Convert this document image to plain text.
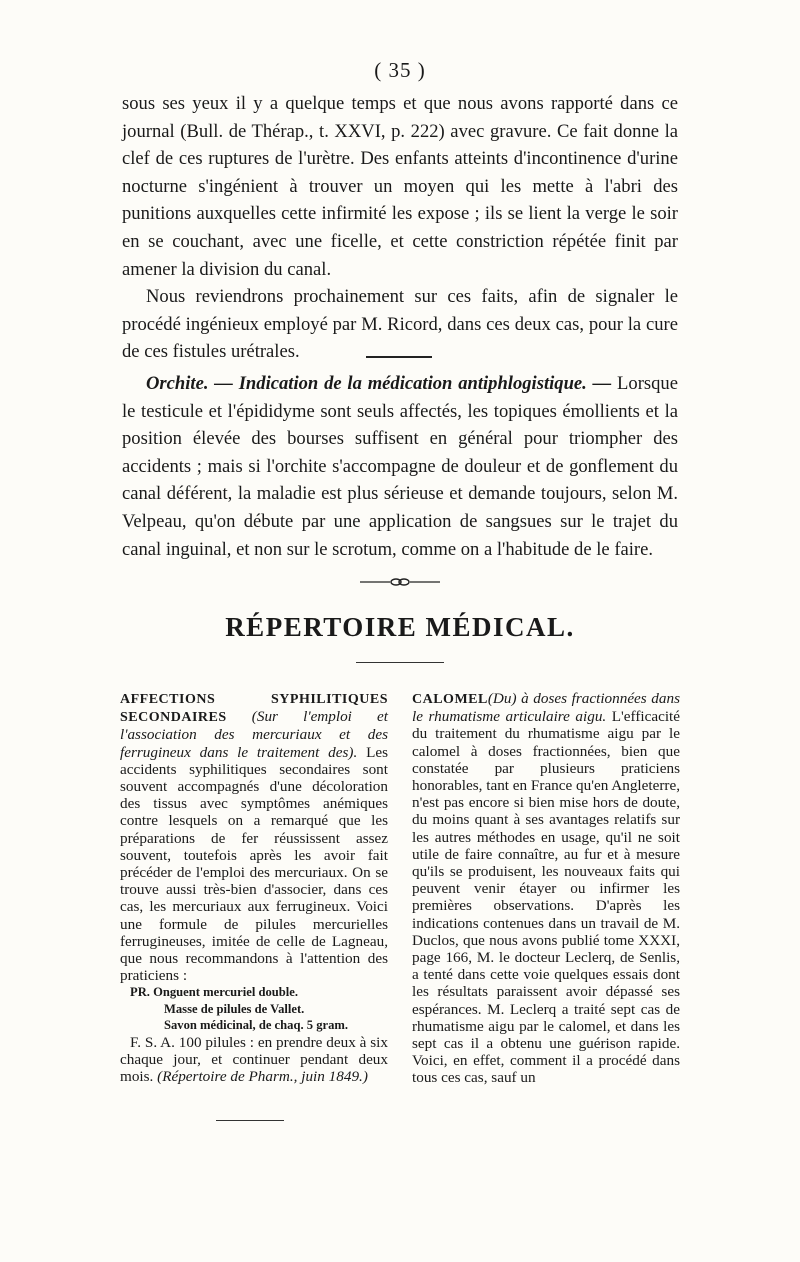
( 35 )

sous ses yeux il y a quelque temps et que nous avons rapporté dans ce journal (Bull. de Thérap., t. XXVI, p. 222) avec gravure. Ce fait donne la clef de ces ruptures de l'urètre. Des enfants atteints d'incontinence d'urine nocturne s'ingénient à trouver un moyen qui les mette à l'abri des punitions auxquelles cette infirmité les expose ; ils se lient la verge le soir en se couchant, avec une ficelle, et cette constriction répétée finit par amener la division du canal.

Nous reviendrons prochainement sur ces faits, afin de signaler le procédé ingénieux employé par M. Ricord, dans ces deux cas, pour la cure de ces fistules urétrales.

Orchite. — Indication de la médication antiphlogistique. — Lorsque le testicule et l'épididyme sont seuls affectés, les topiques émollients et la position élevée des bourses suffisent en général pour triompher des accidents ; mais si l'orchite s'accompagne de douleur et de gonflement du canal déférent, la maladie est plus sérieuse et demande toujours, selon M. Velpeau, qu'on débute par une application de sangsues sur le trajet du canal inguinal, et non sur le scrotum, comme on a l'habitude de le faire.

RÉPERTOIRE MÉDICAL.

AFFECTIONS SYPHILITIQUES SECONDAIRES (Sur l'emploi et l'association des mercuriaux et des ferrugineux dans le traitement des). Les accidents syphilitiques secondaires sont souvent accompagnés d'une décoloration des tissus avec symptômes anémiques contre lesquels on a remarqué que les préparations de fer réussissent assez souvent, toutefois après les avoir fait précéder de l'emploi des mercuriaux. On se trouve aussi très-bien d'associer, dans ces cas, les mercuriaux aux ferrugineux. Voici une formule de pilules mercurielles ferrugineuses, imitée de celle de Lagneau, que nous recommandons à l'attention des praticiens :

PR. Onguent mercuriel double.
Masse de pilules de Vallet.
Savon médicinal, de chaq. 5 gram.

F. S. A. 100 pilules : en prendre deux à six chaque jour, et continuer pendant deux mois. (Répertoire de Pharm., juin 1849.)

CALOMEL(Du) à doses fractionnées dans le rhumatisme articulaire aigu. L'efficacité du traitement du rhumatisme aigu par le calomel à doses fractionnées, bien que constatée par plusieurs praticiens honorables, tant en France qu'en Angleterre, n'est pas encore si bien mise hors de doute, du moins quant à ses avantages relatifs sur les autres méthodes en usage, qu'il ne soit utile de faire connaître, au fur et à mesure qu'ils se produisent, les nouveaux faits qui peuvent venir étayer ou infirmer les premières observations. D'après les indications contenues dans un travail de M. Duclos, que nous avons publié tome XXXI, page 166, M. le docteur Leclerq, de Senlis, a tenté dans cette voie quelques essais dont les résultats paraissent avoir dépassé ses espérances. M. Leclerq a traité sept cas de rhumatisme aigu par le calomel, et dans les sept cas il a obtenu une guérison rapide. Voici, en effet, comment il a procédé dans tous ces cas, sauf un
